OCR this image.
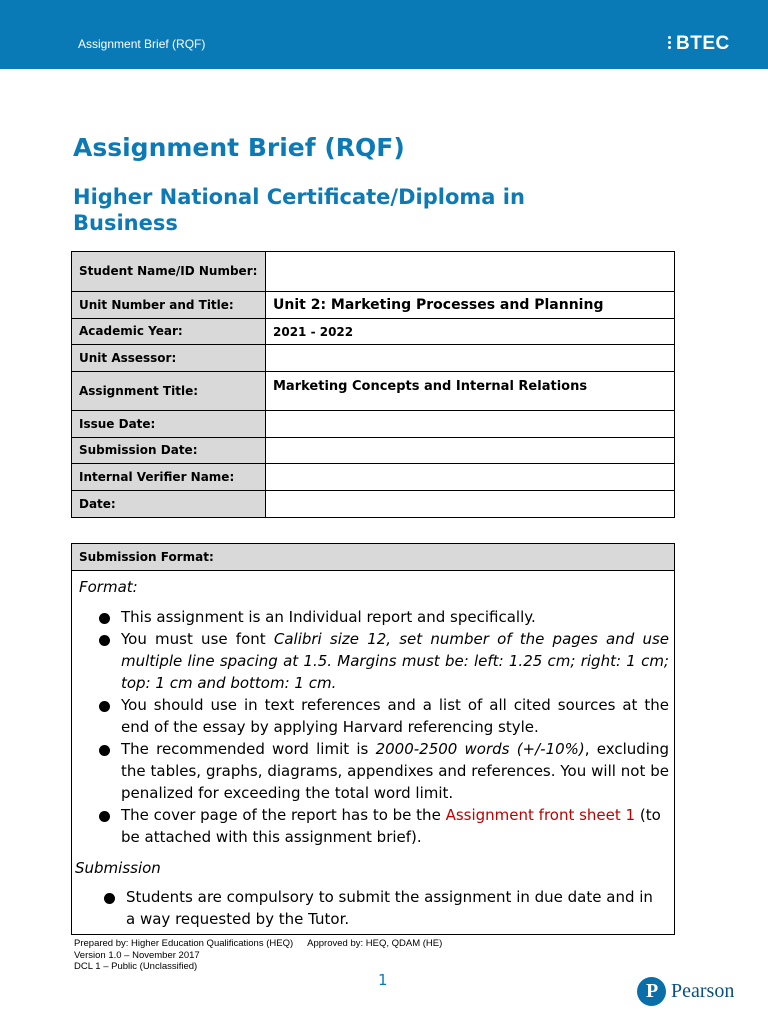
Assignment Brief (RQF)	BTEC
Assignment Brief (RQF)
Higher National Certificate/Diploma in Business
Student Name/ID Number:	
Unit Number and Title:	Unit 2: Marketing Processes and Planning
Academic Year:	2021 - 2022
Unit Assessor:	
Assignment Title:	Marketing Concepts and Internal Relations
Issue Date:	
Submission Date:	
Internal Verifier Name:	
Date:	
Submission Format:
Format:
This assignment is an Individual report and specifically.
You must use font Calibri size 12, set number of the pages and use multiple line spacing at 1.5. Margins must be: left: 1.25 cm; right: 1 cm; top: 1 cm and bottom: 1 cm.
You should use in text references and a list of all cited sources at the end of the essay by applying Harvard referencing style.
The recommended word limit is 2000-2500 words (+/-10%), excluding the tables, graphs, diagrams, appendixes and references. You will not be penalized for exceeding the total word limit.
The cover page of the report has to be the Assignment front sheet 1 (to be attached with this assignment brief).
Submission
Students are compulsory to submit the assignment in due date and in a way requested by the Tutor.
Prepared by: Higher Education Qualifications (HEQ) Approved by: HEQ, QDAM (HE)
Version 1.0 – November 2017
DCL 1 – Public (Unclassified)
1	P Pearson
